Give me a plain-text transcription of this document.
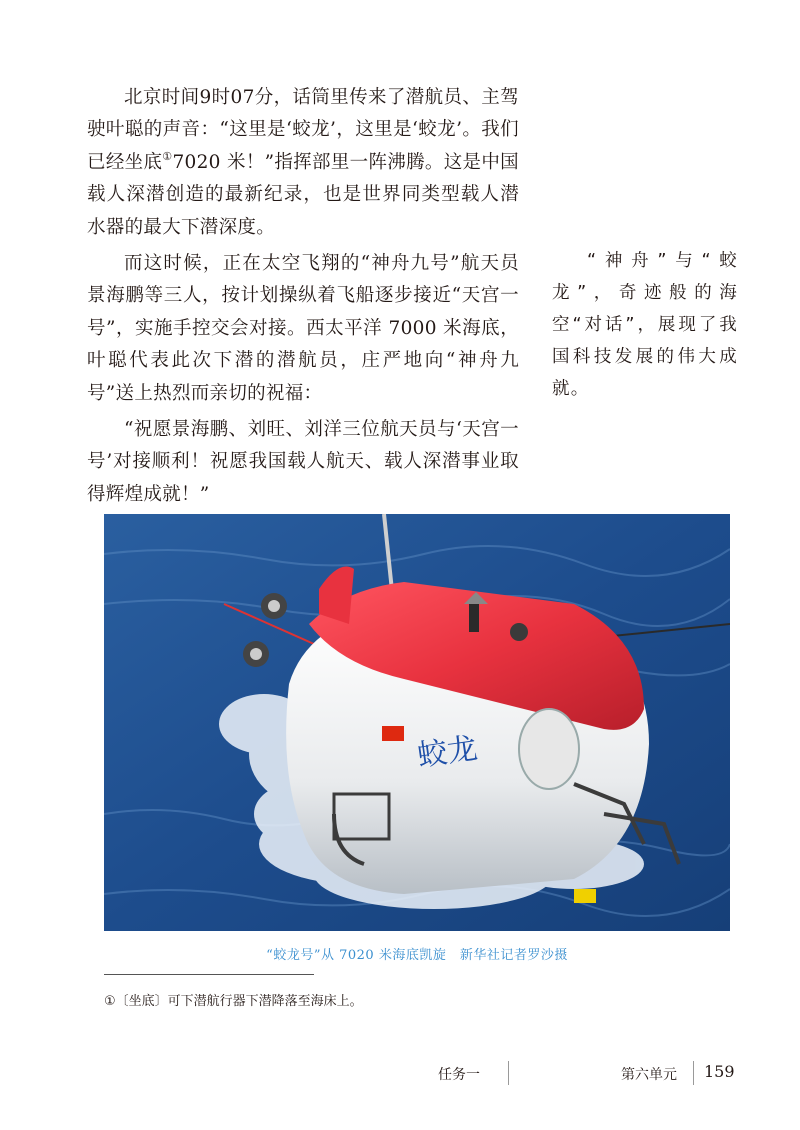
北京时间9时07分，话筒里传来了潜航员、主驾驶叶聪的声音：“这里是‘蛟龙’，这里是‘蛟龙’。我们已经坐底①7020 米！”指挥部里一阵沸腾。这是中国载人深潜创造的最新纪录，也是世界同类型载人潜水器的最大下潜深度。

而这时候，正在太空飞翔的“神舟九号”航天员景海鹏等三人，按计划操纵着飞船逐步接近“天宫一号”，实施手控交会对接。西太平洋 7000 米海底，叶聪代表此次下潜的潜航员，庄严地向“神舟九号”送上热烈而亲切的祝福：

“祝愿景海鹏、刘旺、刘洋三位航天员与‘天宫一号’对接顺利！祝愿我国载人航天、载人深潜事业取得辉煌成就！”

“神舟”与“蛟龙”，奇迹般的海空“对话”，展现了我国科技发展的伟大成就。

蛟龙

“蛟龙号”从 7020 米海底凯旋　新华社记者罗沙摄

①〔坐底〕可下潜航行器下潜降落至海床上。

任务一	第六单元 159
